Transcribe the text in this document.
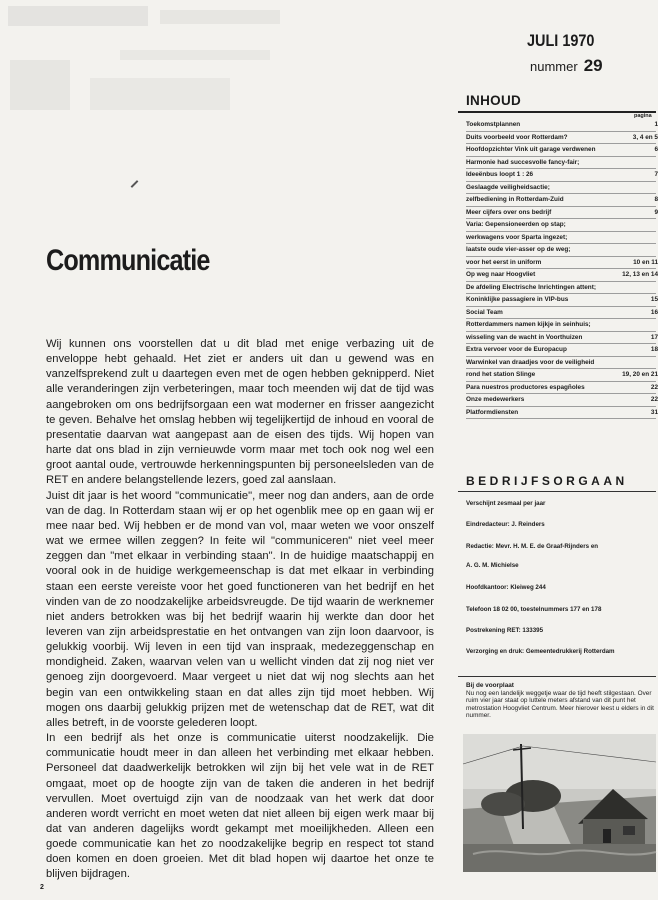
Communicatie

Wij kunnen ons voorstellen dat u dit blad met enige verbazing uit de enveloppe hebt gehaald. Het ziet er anders uit dan u gewend was en vanzelfsprekend zult u daartegen even met de ogen hebben geknipperd. Niet alle veranderingen zijn verbeteringen, maar toch meenden wij dat de tijd was aangebroken om ons bedrijfsorgaan een wat moderner en frisser aangezicht te geven. Behalve het omslag hebben wij tegelijkertijd de inhoud en vooral de presentatie daarvan wat aangepast aan de eisen des tijds. Wij hopen van harte dat ons blad in zijn vernieuwde vorm maar met toch ook nog wel een groot aantal oude, vertrouwde herkenningspunten bij personeelsleden van de RET en andere belangstellende lezers, goed zal aanslaan.

Juist dit jaar is het woord "communicatie", meer nog dan anders, aan de orde van de dag. In Rotterdam staan wij er op het ogenblik mee op en gaan wij er mee naar bed. Wij hebben er de mond van vol, maar weten we voor onszelf wat we ermee willen zeggen? In feite wil "communiceren" niet veel meer zeggen dan "met elkaar in verbinding staan". In de huidige maatschappij en vooral ook in de huidige werkgemeenschap is dat met elkaar in verbinding staan een eerste vereiste voor het goed functioneren van het bedrijf en het vinden van de zo noodzakelijke arbeidsvreugde. De tijd waarin de werknemer niet anders betrokken was bij het bedrijf waarin hij werkte dan door het leveren van zijn arbeidsprestatie en het ontvangen van zijn loon daarvoor, is gelukkig voorbij. Wij leven in een tijd van inspraak, medezeggenschap en mondigheid. Zaken, waarvan velen van u wellicht vinden dat zij nog niet ver genoeg zijn doorgevoerd. Maar vergeet u niet dat wij nog slechts aan het begin van een ontwikkeling staan en dat alles zijn tijd moet hebben. Wij mogen ons daarbij gelukkig prijzen met de wetenschap dat de RET, wat dit alles betreft, in de voorste gelederen loopt.

In een bedrijf als het onze is communicatie uiterst noodzakelijk. Die communicatie houdt meer in dan alleen het verbinding met elkaar hebben. Personeel dat daadwerkelijk betrokken wil zijn bij het vele wat in de RET omgaat, moet op de hoogte zijn van de taken die anderen in het bedrijf vervullen. Moet overtuigd zijn van de noodzaak van het werk dat door anderen wordt verricht en moet weten dat niet alleen bij eigen werk maar bij dat van anderen dagelijks wordt gekampt met moeilijkheden. Alleen een goede communicatie kan het zo noodzakelijke begrip en respect tot stand doen komen en doen groeien. Met dit blad hopen wij daartoe het onze te blijven bijdragen.

2
JULI 1970
nummer 29
INHOUD
pagina
Toekomstplannen	1
Duits voorbeeld voor Rotterdam?	3, 4 en 5
Hoofdopzichter Vink uit garage verdwenen	6
Harmonie had succesvolle fancy-fair;
Ideeënbus loopt 1 : 26	7
Geslaagde veiligheidsactie;
zelfbediening in Rotterdam-Zuid	8
Meer cijfers over ons bedrijf	9
Varia: Gepensioneerden op stap;
werkwagens voor Sparta ingezet;
laatste oude vier-asser op de weg;
voor het eerst in uniform	10 en 11
Op weg naar Hoogvliet	12, 13 en 14
De afdeling Electrische Inrichtingen attent;
Koninklijke passagiere in VIP-bus	15
Social Team	16
Rotterdammers namen kijkje in seinhuis;
wisseling van de wacht in Voorthuizen	17
Extra vervoer voor de Europacup	18
Warwinkel van draadjes voor de veiligheid
rond het station Slinge	19, 20 en 21
Para nuestros productores espagñoles	22
Onze medewerkers	22
Platformdiensten	31
BEDRIJFSORGAAN
Verschijnt zesmaal per jaar
Eindredacteur: J. Reinders
Redactie: Mevr. H. M. E. de Graaf-Rijnders en
A. G. M. Michielse
Hoofdkantoor: Kleiweg 244
Telefoon 18 02 00, toestelnummers 177 en 178
Postrekening RET: 133395
Verzorging en druk: Gemeentedrukkerij Rotterdam
Bij de voorplaat
Nu nog een landelijk weggetje waar de tijd heeft stilgestaan. Over ruim vier jaar staat op luttele meters afstand van dit punt het metrostation Hoogvliet Centrum. Meer hierover leest u elders in dit nummer.
